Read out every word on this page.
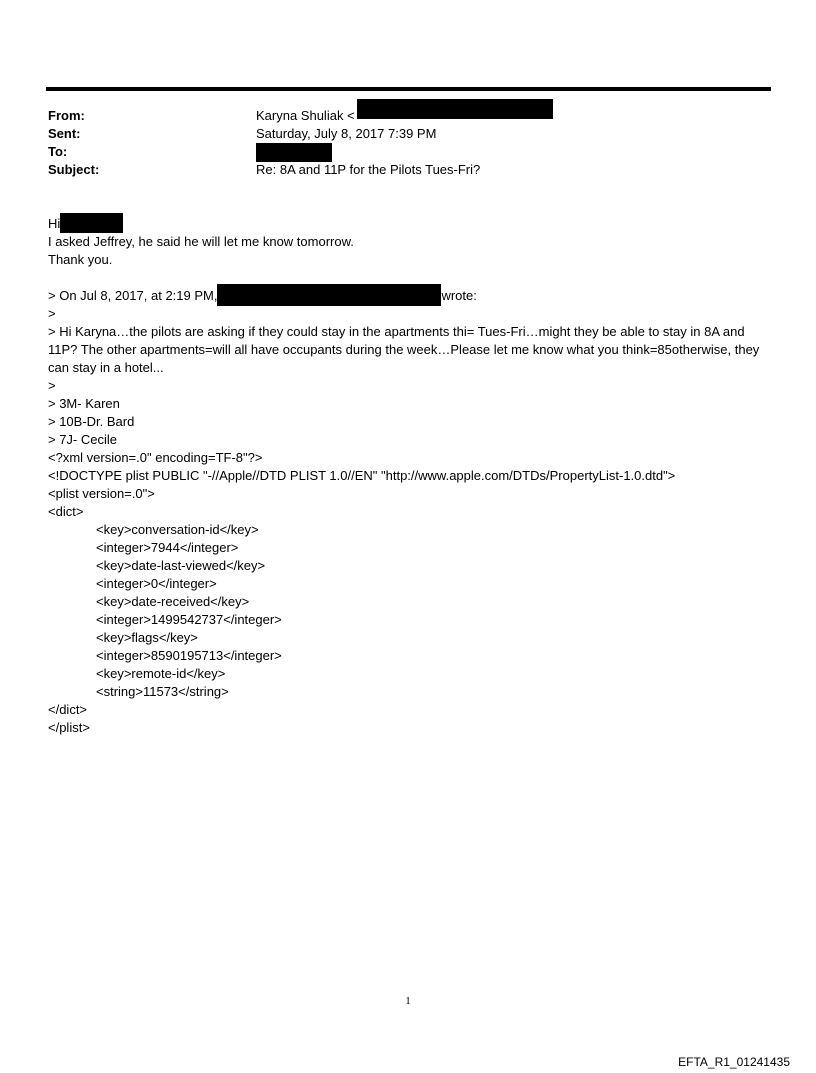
From:	Karyna Shuliak <
Sent:	Saturday, July 8, 2017 7:39 PM
To:
Subject:	Re: 8A and 11P for the Pilots Tues-Fri?
Hi
I asked Jeffrey, he said he will let me know tomorrow.
Thank you.
> On Jul 8, 2017, at 2:19 PM,	wrote:
>
> Hi Karyna…the pilots are asking if they could stay in the apartments thi= Tues-Fri…might they be able to stay in 8A and 11P? The other apartments=will all have occupants during the week…Please let me know what you think=85otherwise, they can stay in a hotel...
>
> 3M- Karen
> 10B-Dr. Bard
> 7J- Cecile
<?xml version=.0" encoding=TF-8"?>
<!DOCTYPE plist PUBLIC "-//Apple//DTD PLIST 1.0//EN" "http://www.apple.com/DTDs/PropertyList-1.0.dtd">
<plist version=.0">
<dict>
<key>conversation-id</key>
<integer>7944</integer>
<key>date-last-viewed</key>
<integer>0</integer>
<key>date-received</key>
<integer>1499542737</integer>
<key>flags</key>
<integer>8590195713</integer>
<key>remote-id</key>
<string>11573</string>
</dict>
</plist>
1
EFTA_R1_01241435
